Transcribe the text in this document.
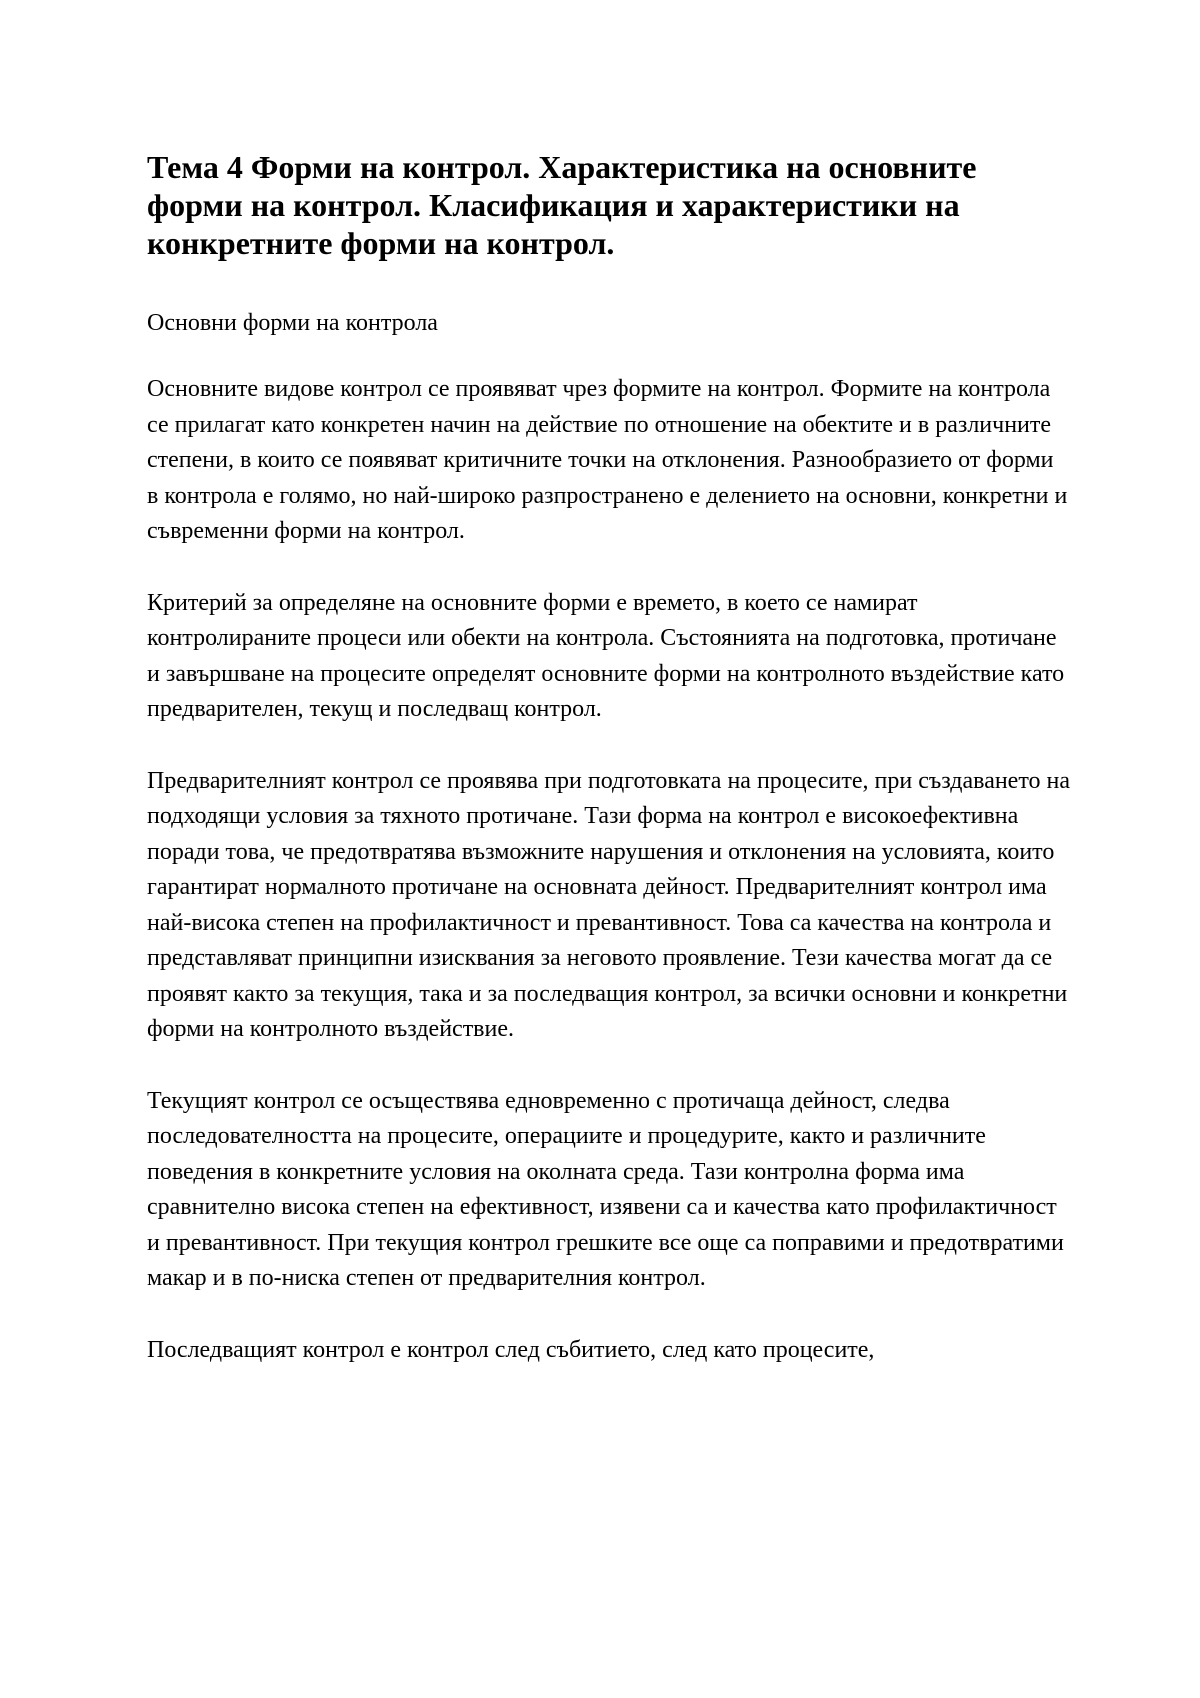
Тема 4 Форми на контрол. Характеристика на основните форми на контрол. Класификация и характеристики на конкретните форми на контрол.

Основни форми на контрола

Основните видове контрол се проявяват чрез формите на контрол. Формите на контрола се прилагат като конкретен начин на действие по отношение на обектите и в различните степени, в които се появяват критичните точки на отклонения. Разнообразието от форми в контрола е голямо, но най-широко разпространено е делението на основни, конкретни и съвременни форми на контрол.

Критерий за определяне на основните форми е времето, в което се намират контролираните процеси или обекти на контрола. Състоянията на подготовка, протичане и завършване на процесите определят основните форми на контролното въздействие като предварителен, текущ и последващ контрол.

Предварителният контрол се проявява при подготовката на процесите, при създаването на подходящи условия за тяхното протичане. Тази форма на контрол е високоефективна поради това, че предотвратява възможните нарушения и отклонения на условията, които гарантират нормалното протичане на основната дейност. Предварителният контрол има най-висока степен на профилактичност и превантивност. Това са качества на контрола и представляват принципни изисквания за неговото проявление. Тези качества могат да се проявят както за текущия, така и за последващия контрол, за всички основни и конкретни форми на контролното въздействие.

Текущият контрол се осъществява едновременно с протичаща дейност, следва последователността на процесите, операциите и процедурите, както и различните поведения в конкретните условия на околната среда. Тази контролна форма има сравнително висока степен на ефективност, изявени са и качества като профилактичност и превантивност. При текущия контрол грешките все още са поправими и предотвратими макар и в по-ниска степен от предварителния контрол.

Последващият контрол е контрол след събитието, след като процесите,
